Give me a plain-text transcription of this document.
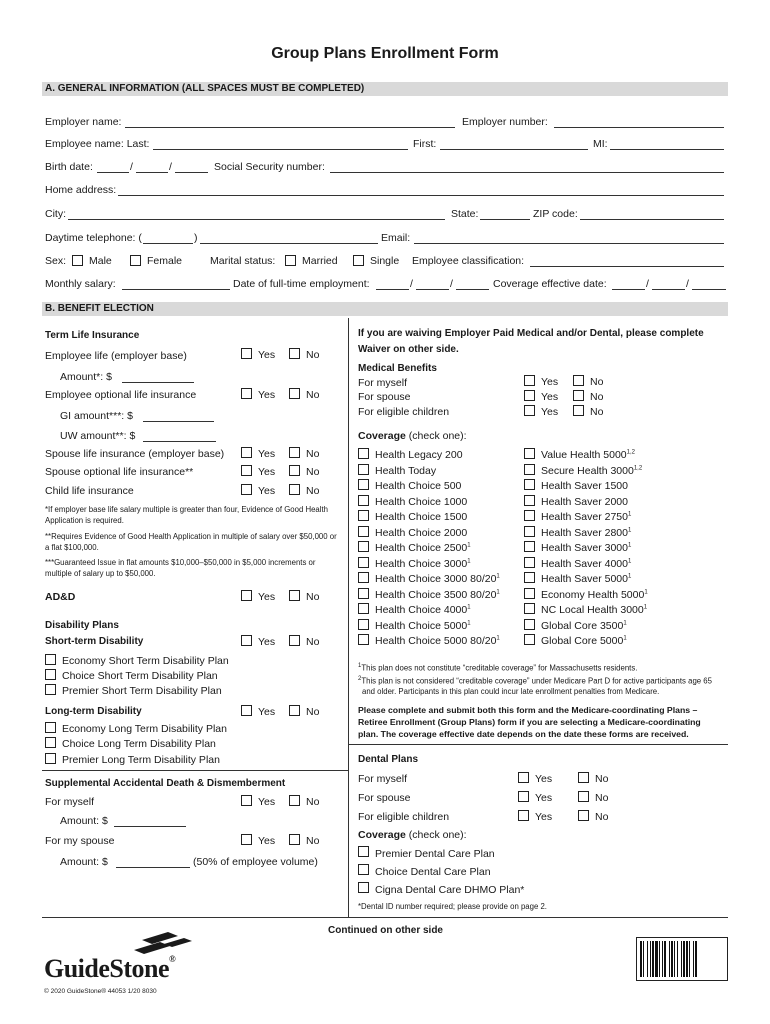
Group Plans Enrollment Form
A. GENERAL INFORMATION (ALL SPACES MUST BE COMPLETED)
Employer name:	Employer number:
Employee name: Last:	First:	MI:
Birth date:	/	/	Social Security number:
Home address:
City:	State:	ZIP code:
Daytime telephone: (	)	Email:
Sex: Male	Female	Marital status:	Married	Single Employee classification:
Monthly salary:	Date of full-time employment:	/	/	Coverage effective date:	/	/
B. BENEFIT ELECTION
Term Life Insurance
Employee life (employer base)	Yes	No
Amount*: $
Employee optional life insurance	Yes	No
GI amount***: $
UW amount**: $
Spouse life insurance (employer base)	Yes	No
Spouse optional life insurance**	Yes	No
Child life insurance	Yes	No
*If employer base life salary multiple is greater than four, Evidence of Good Health Application is required.
**Requires Evidence of Good Health Application in multiple of salary over $50,000 or a flat $100,000.
***Guaranteed Issue in flat amounts $10,000–$50,000 in $5,000 increments or multiple of salary up to $50,000.
AD&D	Yes	No
Disability Plans
Short-term Disability	Yes	No
Economy Short Term Disability Plan
Choice Short Term Disability Plan
Premier Short Term Disability Plan
Long-term Disability	Yes	No
Economy Long Term Disability Plan
Choice Long Term Disability Plan
Premier Long Term Disability Plan
Supplemental Accidental Death & Dismemberment
For myself	Yes	No
Amount: $
For my spouse	Yes	No
Amount: $	(50% of employee volume)
If you are waiving Employer Paid Medical and/or Dental, please complete
Waiver on other side.
Medical Benefits
For myself	Yes	No
For spouse	Yes	No
For eligible children	Yes	No
Coverage (check one):
Health Legacy 200
Health Today
Health Choice 500
Health Choice 1000
Health Choice 1500
Health Choice 2000
Health Choice 2500$^1$
Health Choice 3000$^1$
Health Choice 3000 $80/20^1$
Health Choice 3500 $80/20^1$
Health Choice 4000$^1$
Health Choice 5000$^1$
Health Choice 5000 $80/20^1$
Value Health 5000$^{1,2}$
Secure Health 3000$^{1,2}$
Health Saver 1500
Health Saver 2000
Health Saver 2750$^1$
Health Saver 2800$^1$
Health Saver 3000$^1$
Health Saver 4000$^1$
Health Saver 5000$^1$
Economy Health 5000$^1$
NC Local Health 3000$^1$
Global Core 3500$^1$
Global Core 5000$^1$
$^1$This plan does not constitute “creditable coverage” for Massachusetts residents.
$^2$This plan is not considered “creditable coverage” under Medicare Part D for active participants age 65
and older. Participants in this plan could incur late enrollment penalties from Medicare.
Please complete and submit both this form and the Medicare-coordinating Plans –
Retiree Enrollment (Group Plans) form if you are selecting a Medicare-coordinating
plan. The coverage effective date depends on the date these forms are received.
Dental Plans
For myself	Yes	No
For spouse	Yes	No
For eligible children	Yes	No
Coverage (check one):
Premier Dental Care Plan
Choice Dental Care Plan
Cigna Dental Care DHMO Plan*
*Dental ID number required; please provide on page 2.
Continued on other side
GuideStone®
© 2020 GuideStone® 44053 1/20 8030
